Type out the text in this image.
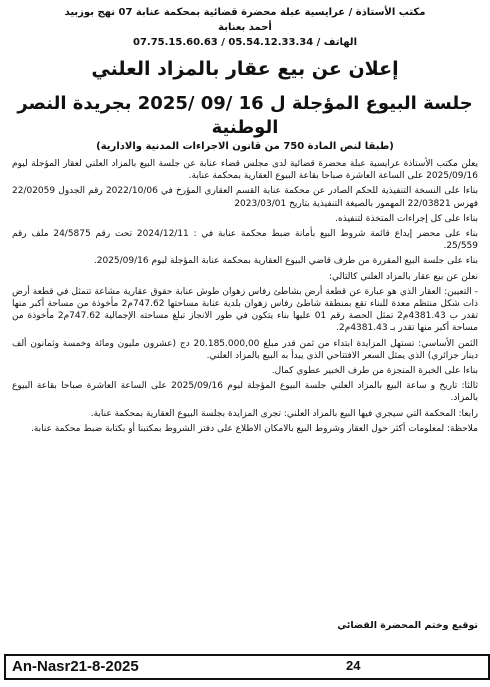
مكتب الأستاذة / عرايسية عبلة محضرة قضائية بمحكمة عنابة 07 نهج بوزبيد
أحمد بعنابة
الهاتف / 05.54.12.33.34 / 07.75.15.60.63
إعلان عن بيع عقار بالمزاد العلني
جلسة البيوع المؤجلة ل 16 /09 /2025 بجريدة النصر الوطنية
(طبقا لنص المادة 750 من قانون الاجراءات المدنية والادارية)

يعلن مكتب الأستاذة عرايسية عبلة محضرة قضائية لدى مجلس قضاء عنابة عن جلسة البيع بالمزاد العلني لعقار المؤجلة ليوم 2025/09/16 على الساعة العاشرة صباحا بقاعة البيوع العقارية بمحكمة عنابة.

بناءا على النسخة التنفيذية للحكم الصادر عن محكمة عنابة القسم العقاري المؤرخ في 2022/10/06 رقم الجدول 22/02059 فهرس 22/03821 المهمور بالصيغة التنفيذية بتاريخ 2023/03/01

بناءا على كل إجراءات المتخذة لتنفيذه.

بناء على محضر إيداع قائمة شروط البيع بأمانة ضبط محكمة عنابة في : 2024/12/11 تحت رقم 24/5875 ملف رقم 25/559.

بناء على جلسة البيع المقررة من طرف قاضي البيوع العقارية بمحكمة عنابة المؤجلة ليوم 2025/09/16.

نعلن عن بيع عقار بالمزاد العلني كالتالي:

- التعيين: العقار الذي هو عبارة عن قطعة أرض بشاطئ رفاس زهوان طوش عنابة حقوق عقارية مشاعة تتمثل في قطعة أرض ذات شكل منتظم معدة للبناء تقع بمنطقة شاطئ رفاس زهوان بلدية عنابة مساحتها 747.62م2 مأخوذة من مساحة أكبر منها تقدر ب 4381.43م2 تمثل الحصة رقم 01 عليها بناء يتكون في طور الانجاز تبلغ مساحته الإجمالية 747.62م2 مأخوذة من مساحة أكبر منها تقدر بـ 4381.43م2.

الثمن الأساسي: تستهل المزايدة ابتداء من ثمن قدر مبلغ 20.185.000,00 دج (عشرون مليون ومائة وخمسة وثمانون ألف دينار جزائري) الذي يمثل السعر الافتتاحي الذي يبدأ به البيع بالمزاد العلني.

بناءا على الخبرة المنجزة من طرف الخبير عطوي كمال.

ثالثا: تاريخ و ساعة البيع بالمزاد العلني جلسة البيوع المؤجلة ليوم 2025/09/16 على الساعة العاشرة صباحا بقاعة البيوع بالمزاد.

رابعا: المحكمة التي سيجري فيها البيع بالمزاد العلني: تجرى المزايدة بجلسة البيوع العقارية بمحكمة عنابة.

ملاحظة: لمعلومات أكثر حول العقار وشروط البيع بالامكان الاطلاع على دفتر الشروط بمكتبنا أو بكتابة ضبط محكمة عنابة.

توقيع وختم المحضرة القضائي
An-Nasr21-8-2025	24
